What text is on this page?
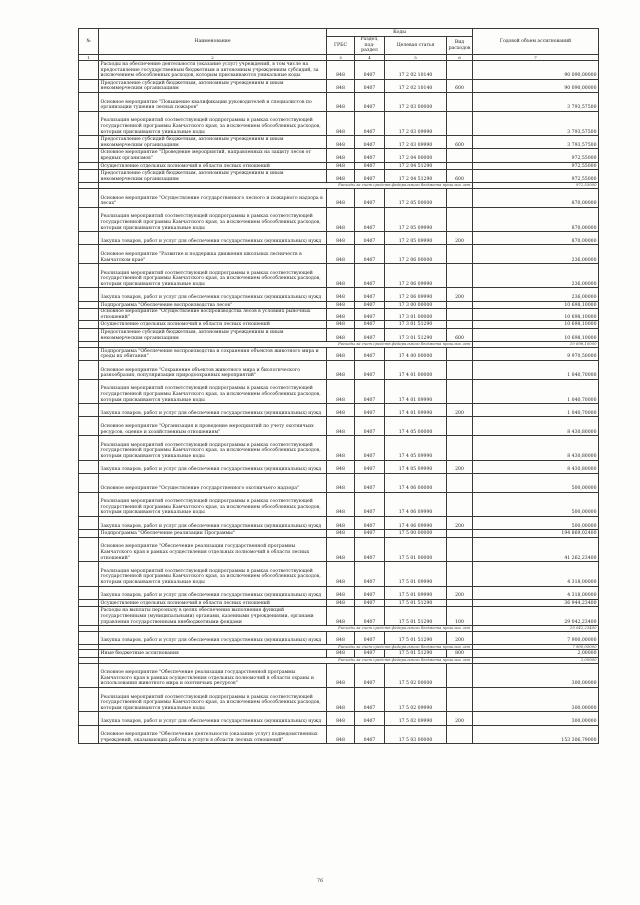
№	Наименование	Коды				Годовой объем ассигнований
		ГРБС	Раздел, под-раздел	Целевая статья	Вид расходов	
1	2	3	4	5	6	7
	Расходы на обеспечение деятельности (оказание услуг) учреждений, в том числе на предоставление государственным бюджетным и автономным учреждениям субсидий, за исключением обособленных расходов, которым присваиваются уникальные коды	848	0407	17 2 02 10140		90 090,00000
	Предоставление субсидий бюджетным, автономным учреждениям и иным некоммерческим организациям	848	0407	17 2 02 10140	600	90 090,00000
	Основное мероприятие "Повышение квалификации руководителей и специалистов по организации тушения лесных пожаров"	848	0407	17 2 03 00000		3 793,57500
	Реализация мероприятий соответствующей подпрограммы в рамках соответствующей государственной программы Камчатского края, за исключением обособленных расходов, которым присваиваются уникальные коды	848	0407	17 2 03 09990		3 793,57500
	Предоставление субсидий бюджетным, автономным учреждениям и иным некоммерческим организациям	848	0407	17 2 03 09990	600	3 793,57500
	Основное мероприятие "Проведение мероприятий, направленных на защиту лесов от вредных организмов"	848	0407	17 2 04 00000		972,55000
	Осуществление отдельных полномочий в области лесных отношений	848	0407	17 2 04 51290		972,55000
	Предоставление субсидий бюджетным, автономным учреждениям и иным некоммерческим организациям	848	0407	17 2 04 51290	600	972,55000
	Расходы за счет средств федерального бюджета прошлых лет					972,55000
	Основное мероприятие "Осуществление государственного лесного и пожарного надзора в лесах"	848	0407	17 2 05 00000		870,00000
	Реализация мероприятий соответствующей подпрограммы в рамках соответствующей государственной программы Камчатского края, за исключением обособленных расходов, которым присваиваются уникальные коды	848	0407	17 2 05 09990		870,00000
	Закупка товаров, работ и услуг для обеспечения государственных (муниципальных) нужд	848	0407	17 2 05 09990	200	870,00000
	Основное мероприятие "Развитие и поддержка движения школьных лесничеств в Камчатском крае"	848	0407	17 2 06 00000		236,00000
	Реализация мероприятий соответствующей подпрограммы в рамках соответствующей государственной программы Камчатского края, за исключением обособленных расходов, которым присваиваются уникальные коды	848	0407	17 2 06 09990		236,00000
	Закупка товаров, работ и услуг для обеспечения государственных (муниципальных) нужд	848	0407	17 2 06 09990	200	236,00000
	Подпрограмма "Обеспечение воспроизводства лесов"	848	0407	17 3 00 00000		10 698,10000
	Основное мероприятие "Осуществление воспроизводства лесов в условиях рыночных отношений"	848	0407	17 3 01 00000		10 698,10000
	Осуществление отдельных полномочий в области лесных отношений	848	0407	17 3 01 51290		10 698,10000
	Предоставление субсидий бюджетным, автономным учреждениям и иным некоммерческим организациям	848	0407	17 3 01 51290	600	10 698,10000
	Расходы за счет средств федерального бюджета прошлых лет					10 698,10000
	Подпрограмма "Обеспечение воспроизводства и сохранения объектов животного мира и среды их обитания"	848	0407	17 4 00 00000		9 970,50000
	Основное мероприятие "Сохранение объектов животного мира и биологического разнообразия, популяризация природоохранных мероприятий"	848	0407	17 4 01 00000		1 040,70000
	Реализация мероприятий соответствующей подпрограммы в рамках соответствующей государственной программы Камчатского края, за исключением обособленных расходов, которым присваиваются уникальные коды	848	0407	17 4 01 09990		1 040,70000
	Закупка товаров, работ и услуг для обеспечения государственных (муниципальных) нужд	848	0407	17 4 01 09990	200	1 040,70000
	Основное мероприятие "Организация и проведение мероприятий по учету охотничьих ресурсов, оценке и хозяйственным отношениям"	848	0407	17 4 05 00000		8 430,80000
	Реализация мероприятий соответствующей подпрограммы в рамках соответствующей государственной программы Камчатского края, за исключением обособленных расходов, которым присваиваются уникальные коды	848	0407	17 4 05 09990		8 430,80000
	Закупка товаров, работ и услуг для обеспечения государственных (муниципальных) нужд	848	0407	17 4 05 09990	200	8 430,80000
	Основное мероприятие "Осуществление государственного охотничьего надзора"	848	0407	17 4 06 00000		500,00000
	Реализация мероприятий соответствующей подпрограммы в рамках соответствующей государственной программы Камчатского края, за исключением обособленных расходов, которым присваиваются уникальные коды	848	0407	17 4 06 09990		500,00000
	Закупка товаров, работ и услуг для обеспечения государственных (муниципальных) нужд	848	0407	17 4 06 09990	200	500,00000
	Подпрограмма "Обеспечение реализации Программы"	848	0407	17 5 00 00000		194 869,02400
	Основное мероприятие "Обеспечение реализации государственной программы Камчатского края в рамках осуществления отдельных полномочий в области лесных отношений"	848	0407	17 5 01 00000		41 262,23400
	Реализация мероприятий соответствующей подпрограммы в рамках соответствующей государственной программы Камчатского края, за исключением обособленных расходов, которым присваиваются уникальные коды	848	0407	17 5 01 09990		4 318,00000
	Закупка товаров, работ и услуг для обеспечения государственных (муниципальных) нужд	848	0407	17 5 01 09990	200	4 318,00000
	Осуществление отдельных полномочий в области лесных отношений	848	0407	17 5 01 51290		36 944,23400
	Расходы на выплаты персоналу в целях обеспечения выполнения функций государственными (муниципальными) органами, казенными учреждениями, органами управления государственными внебюджетными фондами	848	0407	17 5 01 51290	100	29 042,23400
	Расходы за счет средств федерального бюджета прошлых лет					29 042,23400
	Закупка товаров, работ и услуг для обеспечения государственных (муниципальных) нужд	848	0407	17 5 01 51290	200	7 900,00000
	Расходы за счет средств федерального бюджета прошлых лет					7 900,00000
	Иные бюджетные ассигнования	848	0407	17 5 01 51290	800	2,00000
	Расходы за счет средств федерального бюджета прошлых лет					2,00000
	Основное мероприятие "Обеспечение реализации государственной программы Камчатского края в рамках осуществления отдельных полномочий в области охраны и использования животного мира и охотничьих ресурсов"	848	0407	17 5 02 00000		300,00000
	Реализация мероприятий соответствующей подпрограммы в рамках соответствующей государственной программы Камчатского края, за исключением обособленных расходов, которым присваиваются уникальные коды	848	0407	17 5 02 09990		300,00000
	Закупка товаров, работ и услуг для обеспечения государственных (муниципальных) нужд	848	0407	17 5 02 09990	200	300,00000
	Основное мероприятие "Обеспечение деятельности (оказание услуг) подведомственных учреждений, оказывающих работы и услуги в области лесных отношений"	848	0407	17 5 03 00000		153 306,79000
76
